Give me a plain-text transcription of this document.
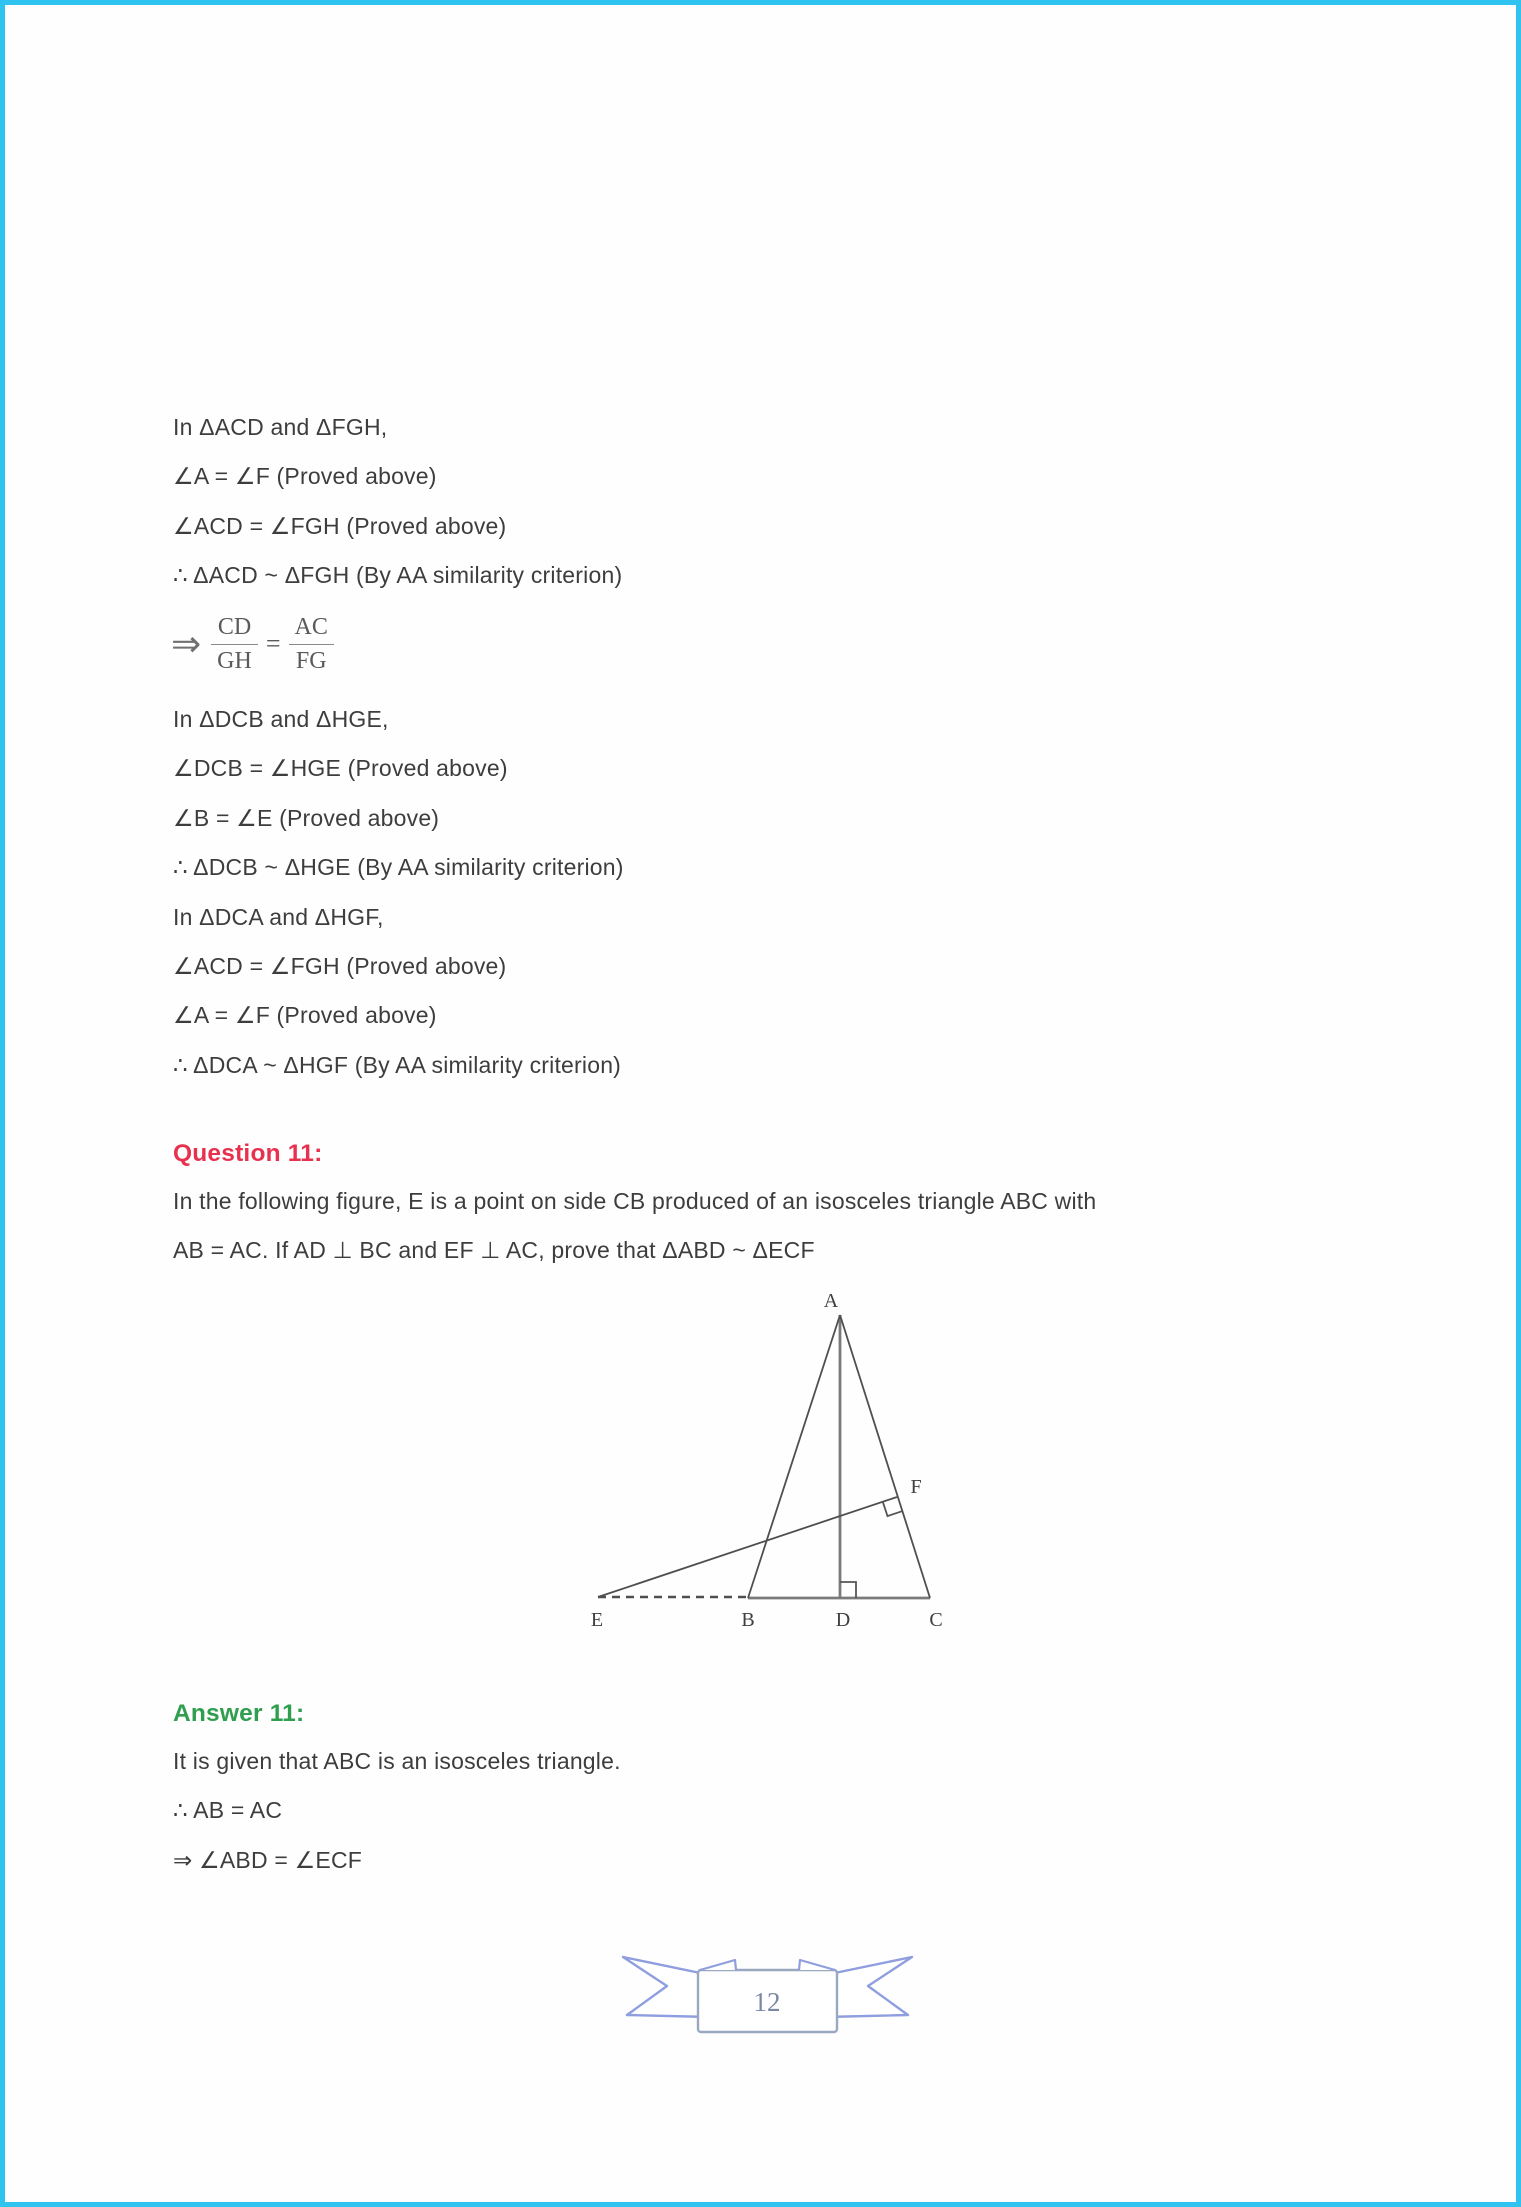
In ΔACD and ΔFGH,

∠A = ∠F (Proved above)

∠ACD = ∠FGH (Proved above)

∴ ΔACD ~ ΔFGH (By AA similarity criterion)

⇒ $\frac{CD}{GH} = \frac{AC}{FG}$

In ΔDCB and ΔHGE,

∠DCB = ∠HGE (Proved above)

∠B = ∠E (Proved above)

∴ ΔDCB ~ ΔHGE (By AA similarity criterion)

In ΔDCA and ΔHGF,

∠ACD = ∠FGH (Proved above)

∠A = ∠F (Proved above)

∴ ΔDCA ~ ΔHGF (By AA similarity criterion)

Question 11:

In the following figure, E is a point on side CB produced of an isosceles triangle ABC with

AB = AC. If AD ⊥ BC and EF ⊥ AC, prove that ΔABD ~ ΔECF

A
E	B	D	C
F
Answer 11:

It is given that ABC is an isosceles triangle.

∴ AB = AC

⇒ ∠ABD = ∠ECF

12
